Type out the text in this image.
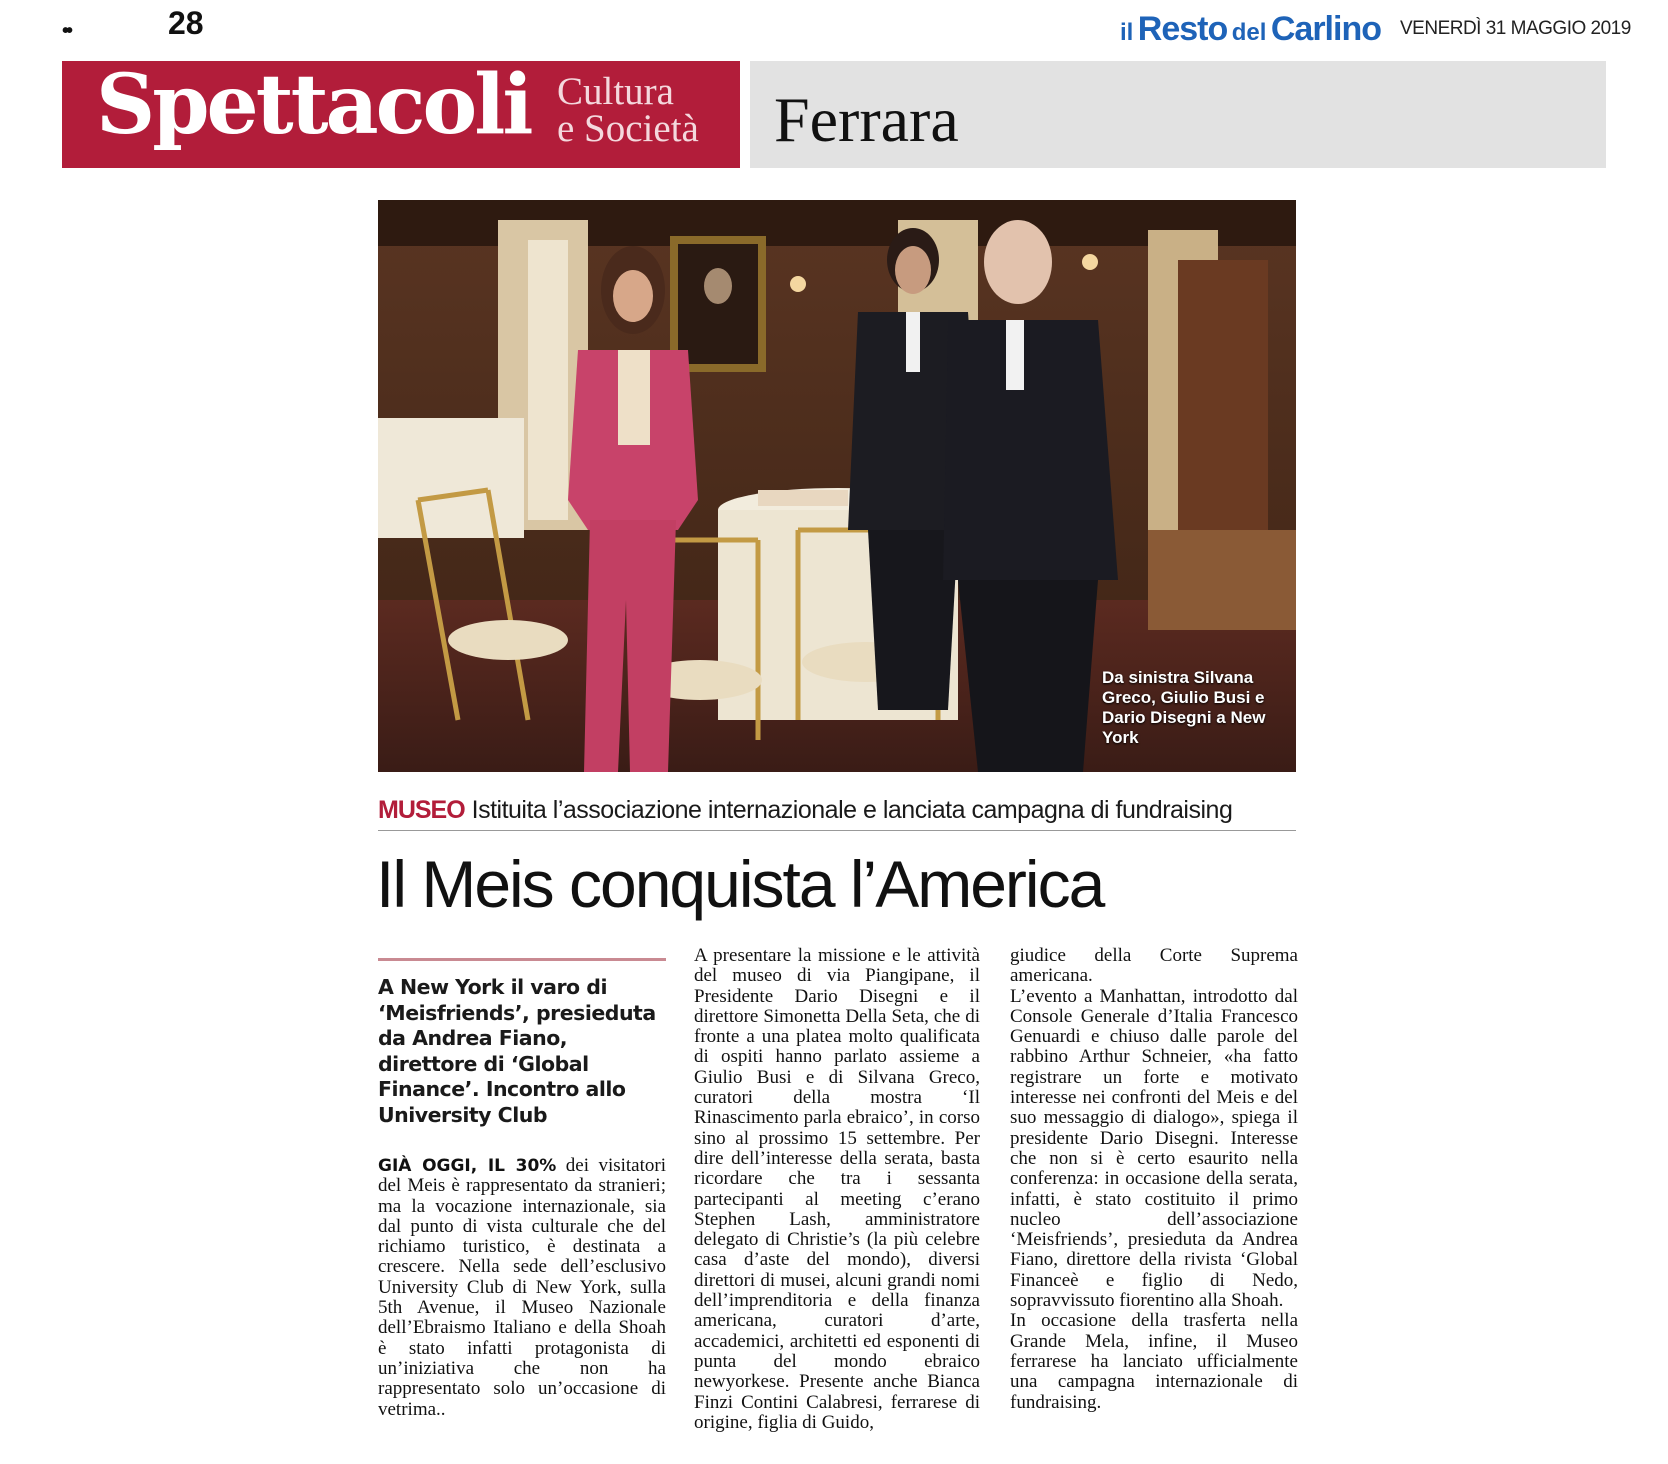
••	28	il Resto del Carlino VENERDÌ 31 MAGGIO 2019
Spettacoli Cultura
e Società Ferrara
Da sinistra Silvana Greco, Giulio Busi e Dario Disegni a New York
MUSEO Istituita l’associazione internazionale e lanciata campagna di fundraising
Il Meis conquista l’America
A New York il varo di ‘Meisfriends’, presieduta da Andrea Fiano, direttore di ‘Global Finance’. Incontro allo University Club

GIÀ OGGI, IL 30% dei visitatori del Meis è rappresentato da stranieri; ma la vocazione internazionale, sia dal punto di vista culturale che del richiamo turistico, è destinata a crescere. Nella sede dell’esclusivo University Club di New York, sulla 5th Avenue, il Museo Nazionale dell’Ebraismo Italiano e della Shoah è stato infatti protagonista di un’iniziativa che non ha rappresentato solo un’occasione di vetrima..

A presentare la missione e le attività del museo di via Piangipane, il Presidente Dario Disegni e il direttore Simonetta Della Seta, che di fronte a una platea molto qualificata di ospiti hanno parlato assieme a Giulio Busi e di Silvana Greco, curatori della mostra ‘Il Rinascimento parla ebraico’, in corso sino al prossimo 15 settembre. Per dire dell’interesse della serata, basta ricordare che tra i sessanta partecipanti al meeting c’erano Stephen Lash, amministratore delegato di Christie’s (la più celebre casa d’aste del mondo), diversi direttori di musei, alcuni grandi nomi dell’imprenditoria e della finanza americana, curatori d’arte, accademici, architetti ed esponenti di punta del mondo ebraico newyorkese. Presente anche Bianca Finzi Contini Calabresi, ferrarese di origine, figlia di Guido,

giudice della Corte Suprema americana.

L’evento a Manhattan, introdotto dal Console Generale d’Italia Francesco Genuardi e chiuso dalle parole del rabbino Arthur Schneier, «ha fatto registrare un forte e motivato interesse nei confronti del Meis e del suo messaggio di dialogo», spiega il presidente Dario Disegni. Interesse che non si è certo esaurito nella conferenza: in occasione della serata, infatti, è stato costituito il primo nucleo dell’associazione ‘Meisfriends’, presieduta da Andrea Fiano, direttore della rivista ‘Global Financeè e figlio di Nedo, sopravvissuto fiorentino alla Shoah.

In occasione della trasferta nella Grande Mela, infine, il Museo ferrarese ha lanciato ufficialmente una campagna internazionale di fundraising.
